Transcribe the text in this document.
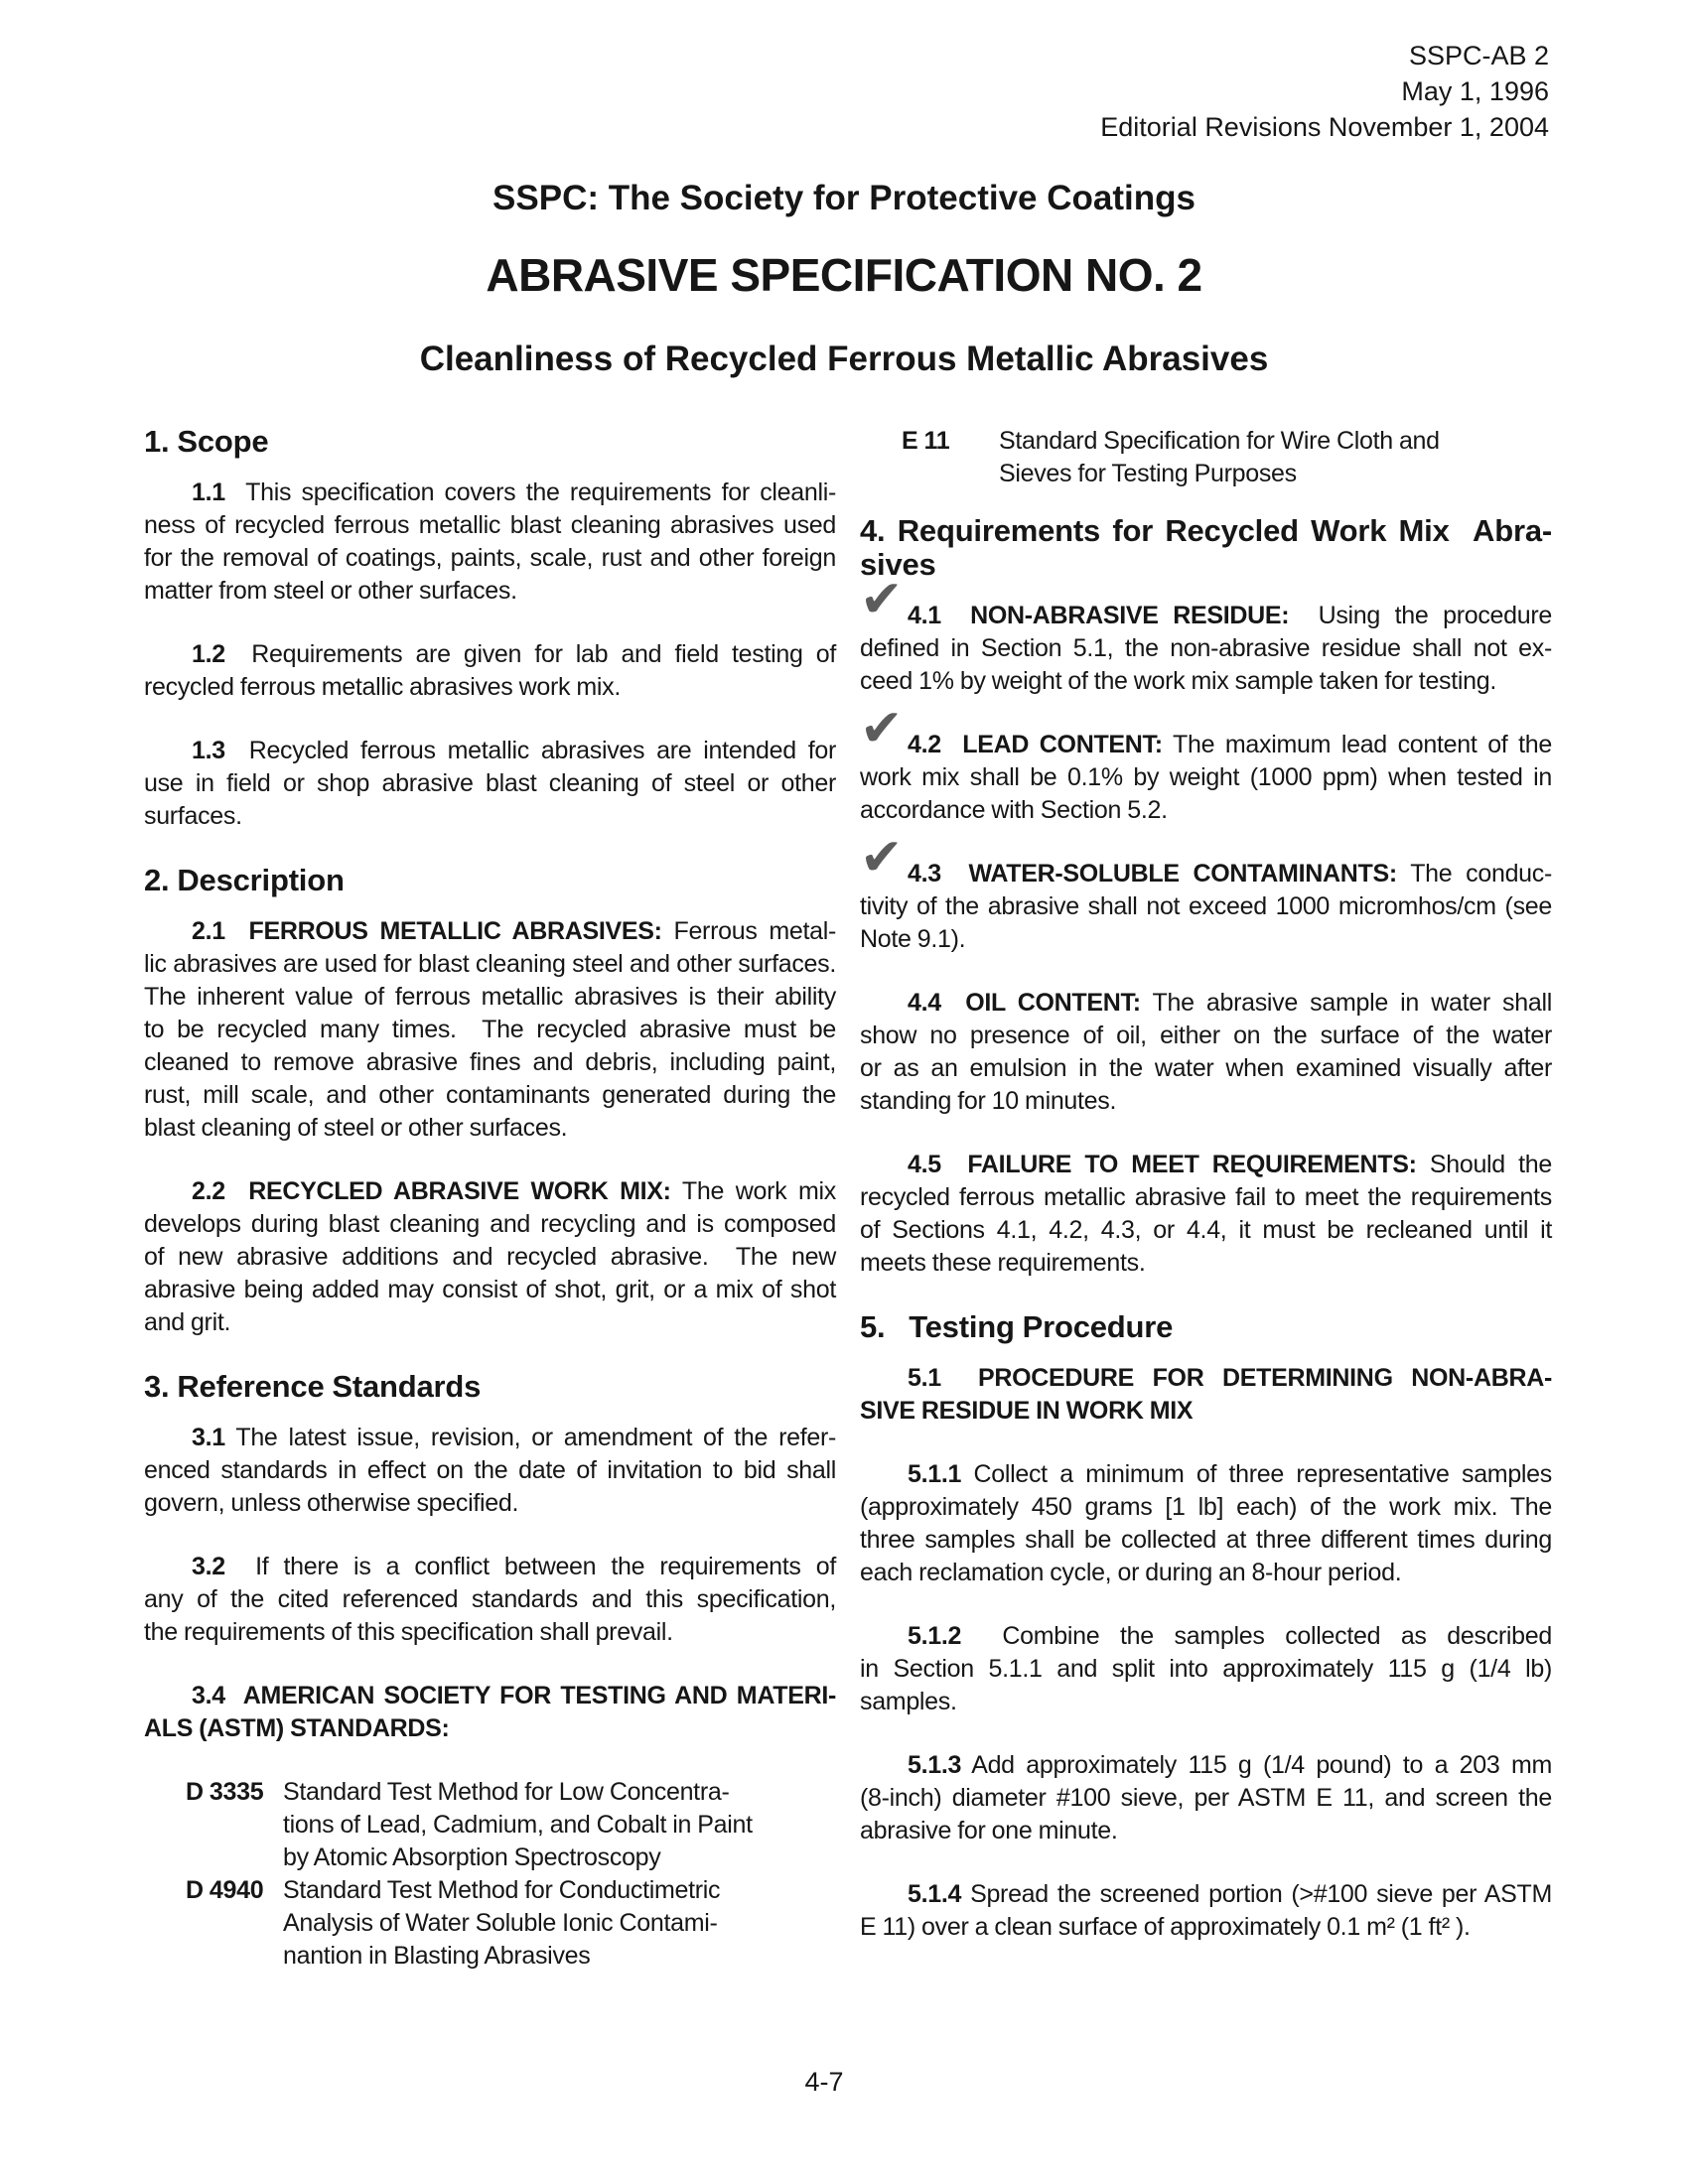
SSPC-AB 2
May 1, 1996
Editorial Revisions November 1, 2004
SSPC: The Society for Protective Coatings
ABRASIVE SPECIFICATION NO. 2
Cleanliness of Recycled Ferrous Metallic Abrasives
1. Scope
1.1  This specification covers the requirements for cleanli-
ness of recycled ferrous metallic blast cleaning abrasives used
for the removal of coatings, paints, scale, rust and other foreign
matter from steel or other surfaces.
1.2  Requirements are given for lab and field testing of
recycled ferrous metallic abrasives work mix.
1.3  Recycled ferrous metallic abrasives are intended for
use in field or shop abrasive blast cleaning of steel or other
surfaces.
2. Description
2.1  FERROUS METALLIC ABRASIVES: Ferrous metal-
lic abrasives are used for blast cleaning steel and other surfaces.
The inherent value of ferrous metallic abrasives is their ability
to be recycled many times.  The recycled abrasive must be
cleaned to remove abrasive fines and debris, including paint,
rust, mill scale, and other contaminants generated during the
blast cleaning of steel or other surfaces.
2.2  RECYCLED ABRASIVE WORK MIX: The work mix
develops during blast cleaning and recycling and is composed
of new abrasive additions and recycled abrasive.  The new
abrasive being added may consist of shot, grit, or a mix of shot
and grit.
3. Reference Standards
3.1 The latest issue, revision, or amendment of the refer-
enced standards in effect on the date of invitation to bid shall
govern, unless otherwise specified.
3.2  If there is a conflict between the requirements of
any of the cited referenced standards and this specification,
the requirements of this specification shall prevail.
3.4  AMERICAN SOCIETY FOR TESTING AND MATERI-
ALS (ASTM) STANDARDS:
D 3335 Standard Test Method for Low Concentra-
tions of Lead, Cadmium, and Cobalt in Paint
by Atomic Absorption Spectroscopy
D 4940 Standard Test Method for Conductimetric
Analysis of Water Soluble Ionic Contami-
nantion in Blasting Abrasives
E 11	Standard Specification for Wire Cloth and
Sieves for Testing Purposes
4. Requirements for Recycled Work Mix  Abra-
sives
✔ 4.1  NON-ABRASIVE RESIDUE:  Using the procedure
defined in Section 5.1, the non-abrasive residue shall not ex-
ceed 1% by weight of the work mix sample taken for testing.
✔ 4.2  LEAD CONTENT: The maximum lead content of the
work mix shall be 0.1% by weight (1000 ppm) when tested in
accordance with Section 5.2.
✔ 4.3  WATER-SOLUBLE CONTAMINANTS: The conduc-
tivity of the abrasive shall not exceed 1000 micromhos/cm (see
Note 9.1).
4.4  OIL CONTENT: The abrasive sample in water shall
show no presence of oil, either on the surface of the water
or as an emulsion in the water when examined visually after
standing for 10 minutes.
4.5  FAILURE TO MEET REQUIREMENTS: Should the
recycled ferrous metallic abrasive fail to meet the requirements
of Sections 4.1, 4.2, 4.3, or 4.4, it must be recleaned until it
meets these requirements.
5.   Testing Procedure
5.1  PROCEDURE FOR DETERMINING NON-ABRA-
SIVE RESIDUE IN WORK MIX
5.1.1 Collect a minimum of three representative samples
(approximately 450 grams [1 lb] each) of the work mix. The
three samples shall be collected at three different times during
each reclamation cycle, or during an 8-hour period.
5.1.2  Combine the samples collected as described
in Section 5.1.1 and split into approximately 115 g (1/4 lb)
samples.
5.1.3 Add approximately 115 g (1/4 pound) to a 203 mm
(8-inch) diameter #100 sieve, per ASTM E 11, and screen the
abrasive for one minute.
5.1.4 Spread the screened portion (>#100 sieve per ASTM
E 11) over a clean surface of approximately 0.1 m² (1 ft² ).
4-7
